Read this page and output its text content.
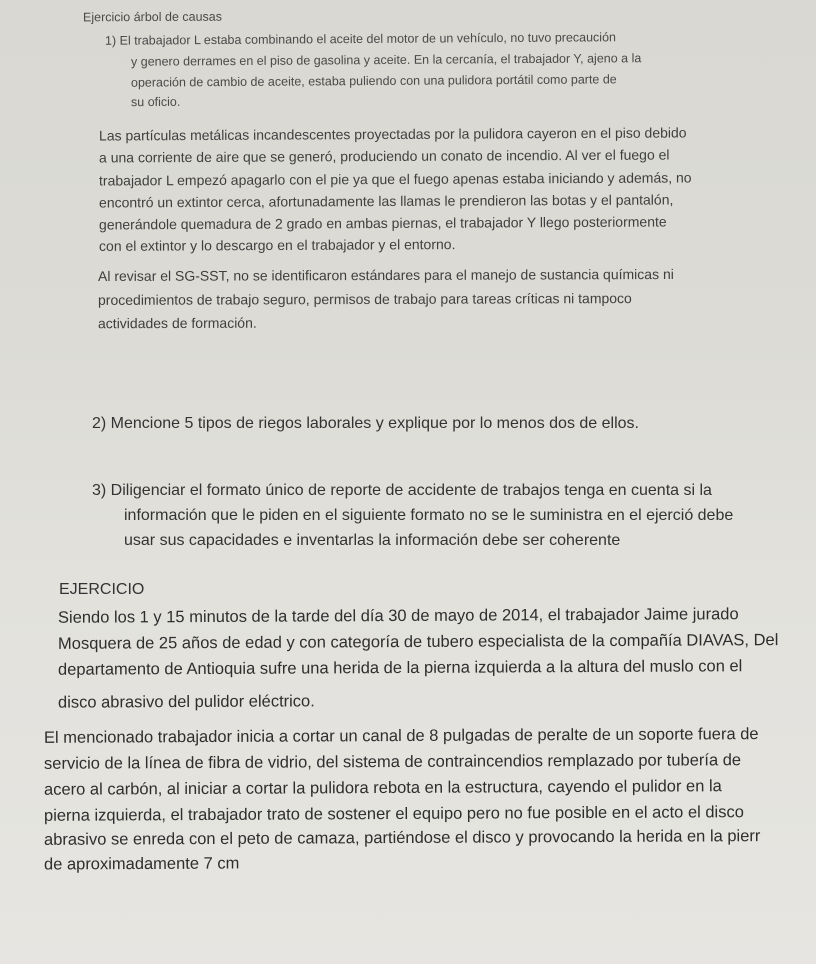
Ejercicio árbol de causas
1) El trabajador L estaba combinando el aceite del motor de un vehículo, no tuvo precaución
y genero derrames en el piso de gasolina y aceite. En la cercanía, el trabajador Y, ajeno a la
operación de cambio de aceite, estaba puliendo con una pulidora portátil como parte de
su oficio.
Las partículas metálicas incandescentes proyectadas por la pulidora cayeron en el piso debido
a una corriente de aire que se generó, produciendo un conato de incendio. Al ver el fuego el
trabajador L empezó apagarlo con el pie ya que el fuego apenas estaba iniciando y además, no
encontró un extintor cerca, afortunadamente las llamas le prendieron las botas y el pantalón,
generándole quemadura de 2 grado en ambas piernas, el trabajador Y llego posteriormente
con el extintor y lo descargo en el trabajador y el entorno.
Al revisar el SG-SST, no se identificaron estándares para el manejo de sustancia químicas ni
procedimientos de trabajo seguro, permisos de trabajo para tareas críticas ni tampoco
actividades de formación.
2) Mencione 5 tipos de riegos laborales y explique por lo menos dos de ellos.
3) Diligenciar el formato único de reporte de accidente de trabajos tenga en cuenta si la
información que le piden en el siguiente formato no se le suministra en el ejerció debe
usar sus capacidades e inventarlas la información debe ser coherente
EJERCICIO
Siendo los 1 y 15 minutos de la tarde del día 30 de mayo de 2014, el trabajador Jaime jurado
Mosquera de 25 años de edad y con categoría de tubero especialista de la compañía DIAVAS, Del
departamento de Antioquia sufre una herida de la pierna izquierda a la altura del muslo con el
disco abrasivo del pulidor eléctrico.
El mencionado trabajador inicia a cortar un canal de 8 pulgadas de peralte de un soporte fuera de
servicio de la línea de fibra de vidrio, del sistema de contraincendios remplazado por tubería de
acero al carbón, al iniciar a cortar la pulidora rebota en la estructura, cayendo el pulidor en la
pierna izquierda, el trabajador trato de sostener el equipo pero no fue posible en el acto el disco
abrasivo se enreda con el peto de camaza, partiéndose el disco y provocando la herida en la pierr
de aproximadamente 7 cm
